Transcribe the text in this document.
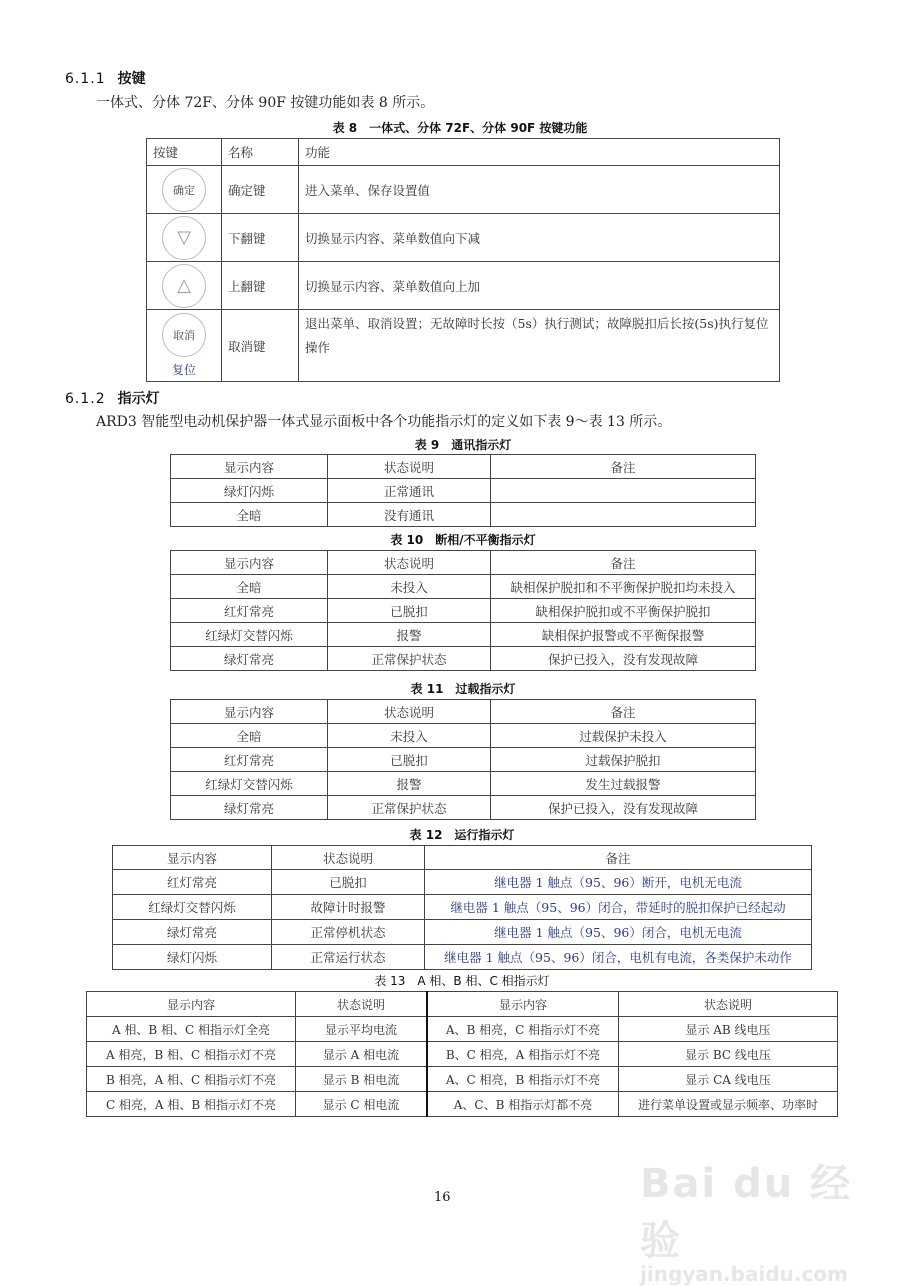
6.1.1 按键
一体式、分体 72F、分体 90F 按键功能如表 8 所示。
表 8　一体式、分体 72F、分体 90F 按键功能
按键	名称	功能

确定	确定键	进入菜单、保存设置值

▽	下翻键	切换显示内容、菜单数值向下减

△	上翻键	切换显示内容、菜单数值向上加

取消
复位	取消键	退出菜单、取消设置；无故障时长按（5s）执行测试；故障脱扣后长按(5s)执行复位操作
6.1.2 指示灯
ARD3 智能型电动机保护器一体式显示面板中各个功能指示灯的定义如下表 9～表 13 所示。
表 9　通讯指示灯
显示内容	状态说明	备注
绿灯闪烁	正常通讯	
全暗	没有通讯	
表 10　断相/不平衡指示灯
显示内容	状态说明	备注
全暗	未投入	缺相保护脱扣和不平衡保护脱扣均未投入
红灯常亮	已脱扣	缺相保护脱扣或不平衡保护脱扣
红绿灯交替闪烁	报警	缺相保护报警或不平衡保报警
绿灯常亮	正常保护状态	保护已投入，没有发现故障
表 11　过载指示灯
显示内容	状态说明	备注
全暗	未投入	过载保护未投入
红灯常亮	已脱扣	过载保护脱扣
红绿灯交替闪烁	报警	发生过载报警
绿灯常亮	正常保护状态	保护已投入，没有发现故障
表 12　运行指示灯
显示内容	状态说明	备注
红灯常亮	已脱扣	继电器 1 触点（95、96）断开，电机无电流
红绿灯交替闪烁	故障计时报警	继电器 1 触点（95、96）闭合，带延时的脱扣保护已经起动
绿灯常亮	正常停机状态	继电器 1 触点（95、96）闭合，电机无电流
绿灯闪烁	正常运行状态	继电器 1 触点（95、96）闭合，电机有电流，各类保护未动作
表 13　A 相、B 相、C 相指示灯
显示内容	状态说明	显示内容	状态说明
A 相、B 相、C 相指示灯全亮	显示平均电流	A、B 相亮，C 相指示灯不亮	显示 AB 线电压
A 相亮，B 相、C 相指示灯不亮	显示 A 相电流	B、C 相亮，A 相指示灯不亮	显示 BC 线电压
B 相亮，A 相、C 相指示灯不亮	显示 B 相电流	A、C 相亮，B 相指示灯不亮	显示 CA 线电压
C 相亮，A 相、B 相指示灯不亮	显示 C 相电流	A、C、B 相指示灯都不亮	进行菜单设置或显示频率、功率时
16	Bai du 经验
jingyan.baidu.com
